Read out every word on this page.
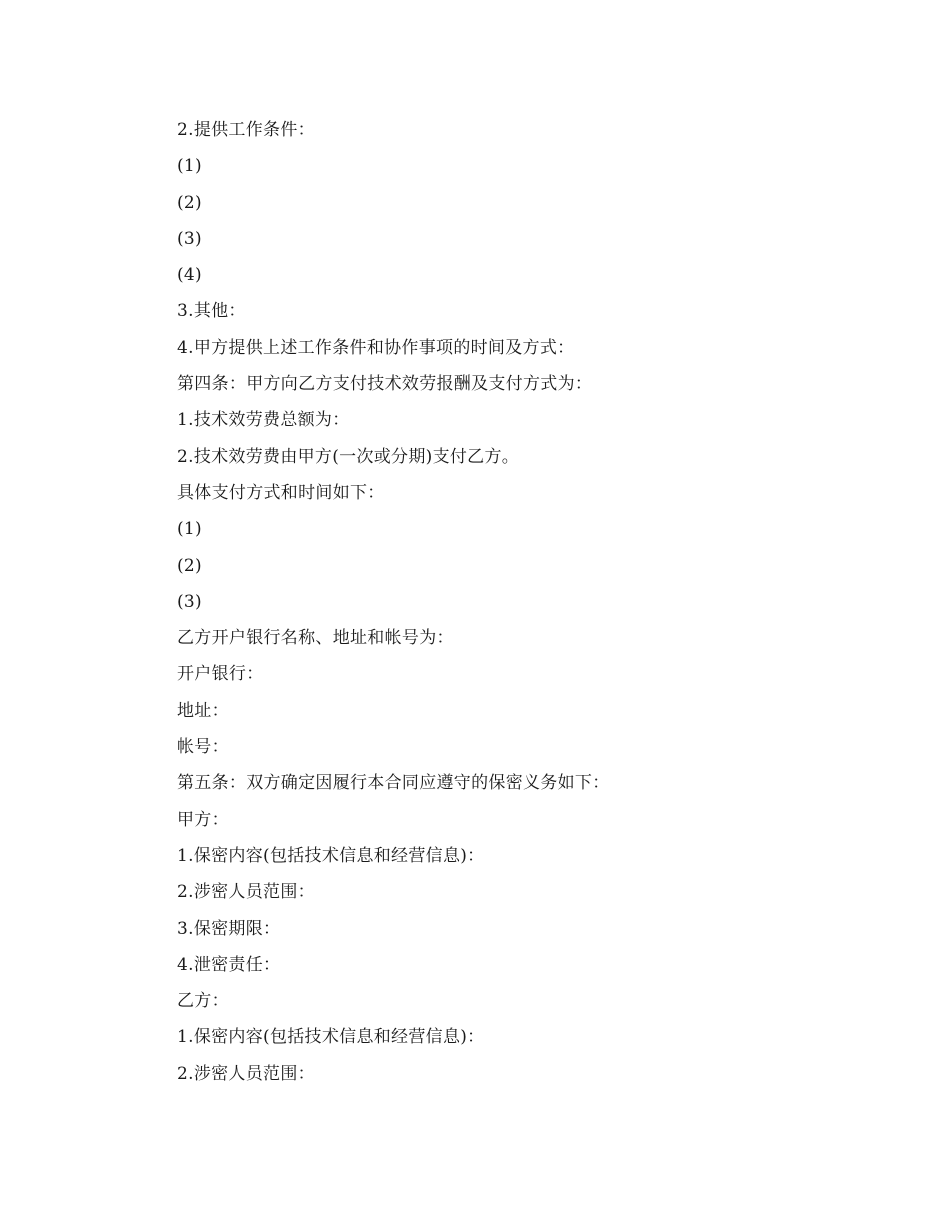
2.提供工作条件：
(1)
(2)
(3)
(4)
3.其他：
4.甲方提供上述工作条件和协作事项的时间及方式：
第四条：甲方向乙方支付技术效劳报酬及支付方式为：
1.技术效劳费总额为：
2.技术效劳费由甲方(一次或分期)支付乙方。
具体支付方式和时间如下：
(1)
(2)
(3)
乙方开户银行名称、地址和帐号为：
开户银行：
地址：
帐号：
第五条：双方确定因履行本合同应遵守的保密义务如下：
甲方：
1.保密内容(包括技术信息和经营信息)：
2.涉密人员范围：
3.保密期限：
4.泄密责任：
乙方：
1.保密内容(包括技术信息和经营信息)：
2.涉密人员范围：
